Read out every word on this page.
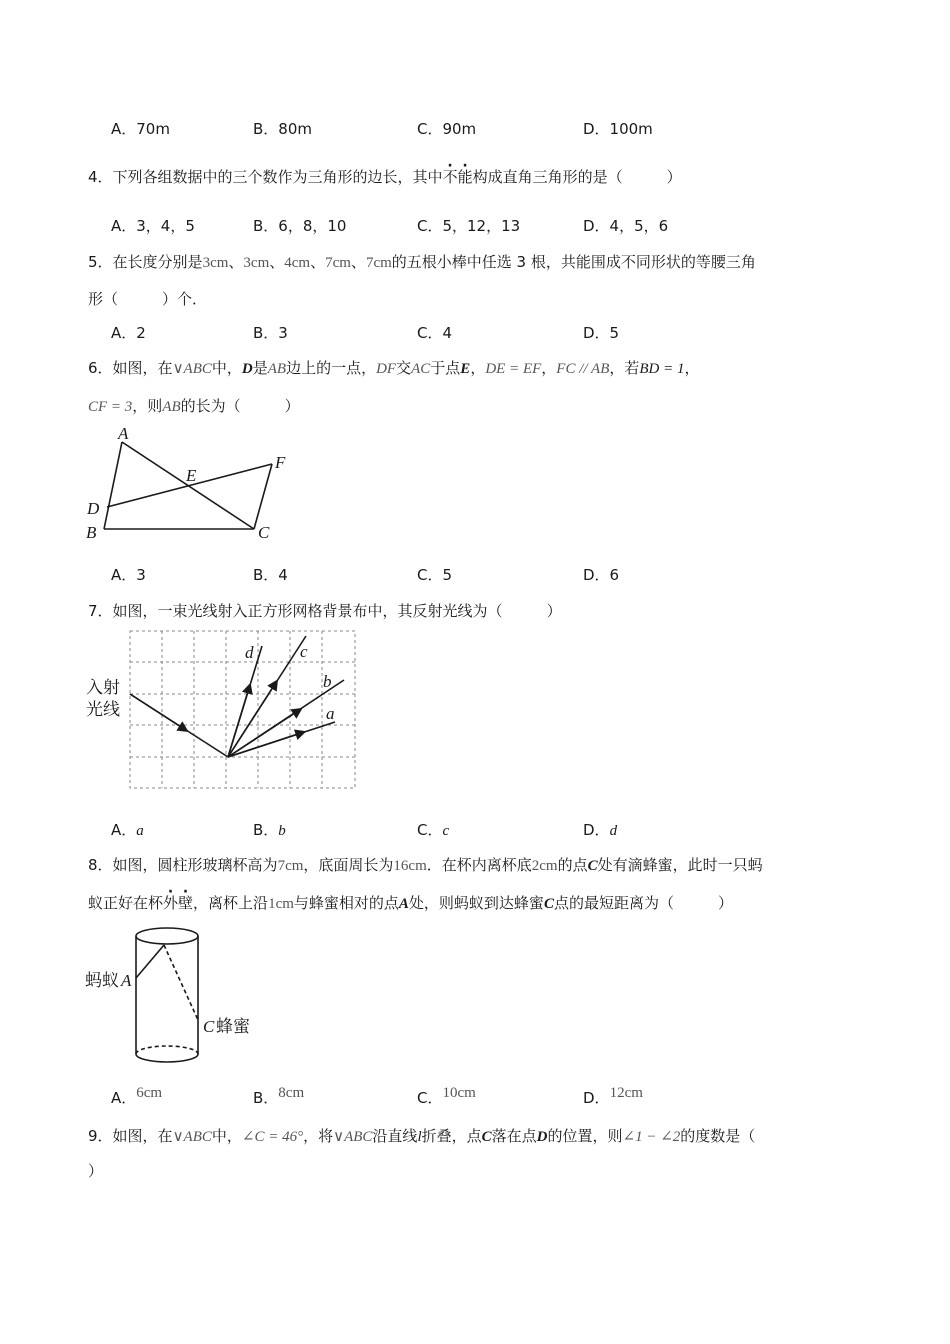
A．70m	B．80m	C．90m	D．100m
4．下列各组数据中的三个数作为三角形的边长，其中不能构成直角三角形的是（	）
A．3，4，5	B．6，8，10	C．5，12，13	D．4，5，6
5．在长度分别是3cm、3cm、4cm、7cm、7cm的五根小棒中任选 3 根，共能围成不同形状的等腰三角
形（	）个．
A．2	B．3	C．4	D．5
6．如图，在∨ABC中，D是AB边上的一点，DF交AC于点E，DE = EF，FC // AB，若BD = 1，
CF = 3，则AB的长为（	）
A
B	C
D
E
F
A．3	B．4	C．5	D．6
7．如图，一束光线射入正方形网格背景布中，其反射光线为（	）
a
b
c
d
入射
光线
A．a	B．b	C．c	D．d
8．如图，圆柱形玻璃杯高为7cm，底面周长为16cm．在杯内离杯底2cm的点C处有滴蜂蜜，此时一只蚂
蚁正好在杯外壁，离杯上沿1cm与蜂蜜相对的点A处，则蚂蚁到达蜂蜜C点的最短距离为（	）
蚂蚁 A
C 蜂蜜
A．6cm	B．8cm	C．10cm	D．12cm
9．如图，在∨ABC中，∠C = 46°，将∨ABC沿直线l折叠，点C落在点D的位置，则∠1 − ∠2的度数是（
）
